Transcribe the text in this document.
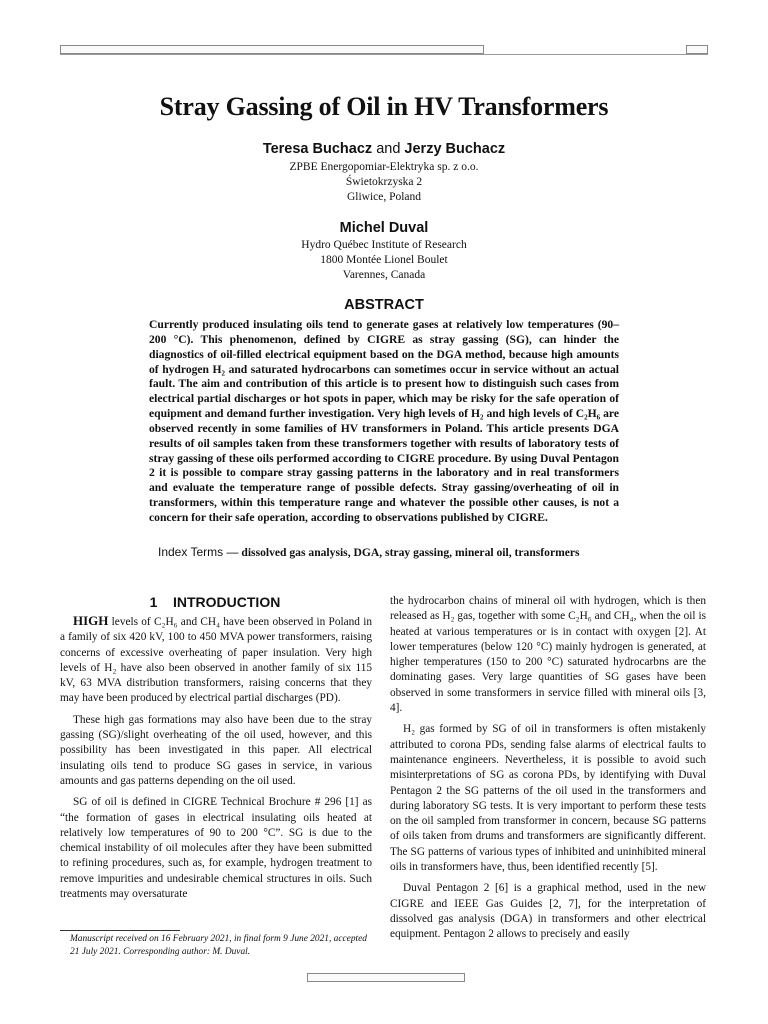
Stray Gassing of Oil in HV Transformers
Teresa Buchacz and Jerzy Buchacz
ZPBE Energopomiar-Elektryka sp. z o.o.
Świetokrzyska 2
Gliwice, Poland
Michel Duval
Hydro Québec Institute of Research
1800 Montée Lionel Boulet
Varennes, Canada
ABSTRACT
Currently produced insulating oils tend to generate gases at relatively low temperatures (90–200 °C). This phenomenon, defined by CIGRE as stray gassing (SG), can hinder the diagnostics of oil-filled electrical equipment based on the DGA method, because high amounts of hydrogen H₂ and saturated hydrocarbons can sometimes occur in service without an actual fault. The aim and contribution of this article is to present how to distinguish such cases from electrical partial discharges or hot spots in paper, which may be risky for the safe operation of equipment and demand further investigation. Very high levels of H₂ and high levels of C₂H₆ are observed recently in some families of HV transformers in Poland. This article presents DGA results of oil samples taken from these transformers together with results of laboratory tests of stray gassing of these oils performed according to CIGRE procedure. By using Duval Pentagon 2 it is possible to compare stray gassing patterns in the laboratory and in real transformers and evaluate the temperature range of possible defects. Stray gassing/overheating of oil in transformers, within this temperature range and whatever the possible other causes, is not a concern for their safe operation, according to observations published by CIGRE.
Index Terms — dissolved gas analysis, DGA, stray gassing, mineral oil, transformers
1    INTRODUCTION

HIGH levels of C₂H₆ and CH₄ have been observed in Poland in a family of six 420 kV, 100 to 450 MVA power transformers, raising concerns of excessive overheating of paper insulation. Very high levels of H₂ have also been observed in another family of six 115 kV, 63 MVA distribution transformers, raising concerns that they may have been produced by electrical partial discharges (PD).

These high gas formations may also have been due to the stray gassing (SG)/slight overheating of the oil used, however, and this possibility has been investigated in this paper. All electrical insulating oils tend to produce SG gases in service, in various amounts and gas patterns depending on the oil used.

SG of oil is defined in CIGRE Technical Brochure # 296 [1] as “the formation of gases in electrical insulating oils heated at relatively low temperatures of 90 to 200 °C”. SG is due to the chemical instability of oil molecules after they have been submitted to refining procedures, such as, for example, hydrogen treatment to remove impurities and undesirable chemical structures in oils. Such treatments may oversaturate

the hydrocarbon chains of mineral oil with hydrogen, which is then released as H₂ gas, together with some C₂H₆ and CH₄, when the oil is heated at various temperatures or is in contact with oxygen [2]. At lower temperatures (below 120 °C) mainly hydrogen is generated, at higher temperatures (150 to 200 °C) saturated hydrocarbns are the dominating gases. Very large quantities of SG gases have been observed in some transformers in service filled with mineral oils [3, 4].

H₂ gas formed by SG of oil in transformers is often mistakenly attributed to corona PDs, sending false alarms of electrical faults to maintenance engineers. Nevertheless, it is possible to avoid such misinterpretations of SG as corona PDs, by identifying with Duval Pentagon 2 the SG patterns of the oil used in the transformers and during laboratory SG tests. It is very important to perform these tests on the oil sampled from transformer in concern, because SG patterns of oils taken from drums and transformers are significantly different. The SG patterns of various types of inhibited and uninhibited mineral oils in transformers have, thus, been identified recently [5].

Duval Pentagon 2 [6] is a graphical method, used in the new CIGRE and IEEE Gas Guides [2, 7], for the interpretation of dissolved gas analysis (DGA) in transformers and other electrical equipment. Pentagon 2 allows to precisely and easily

Manuscript received on 16 February 2021, in final form 9 June 2021, accepted 21 July 2021. Corresponding author: M. Duval.
